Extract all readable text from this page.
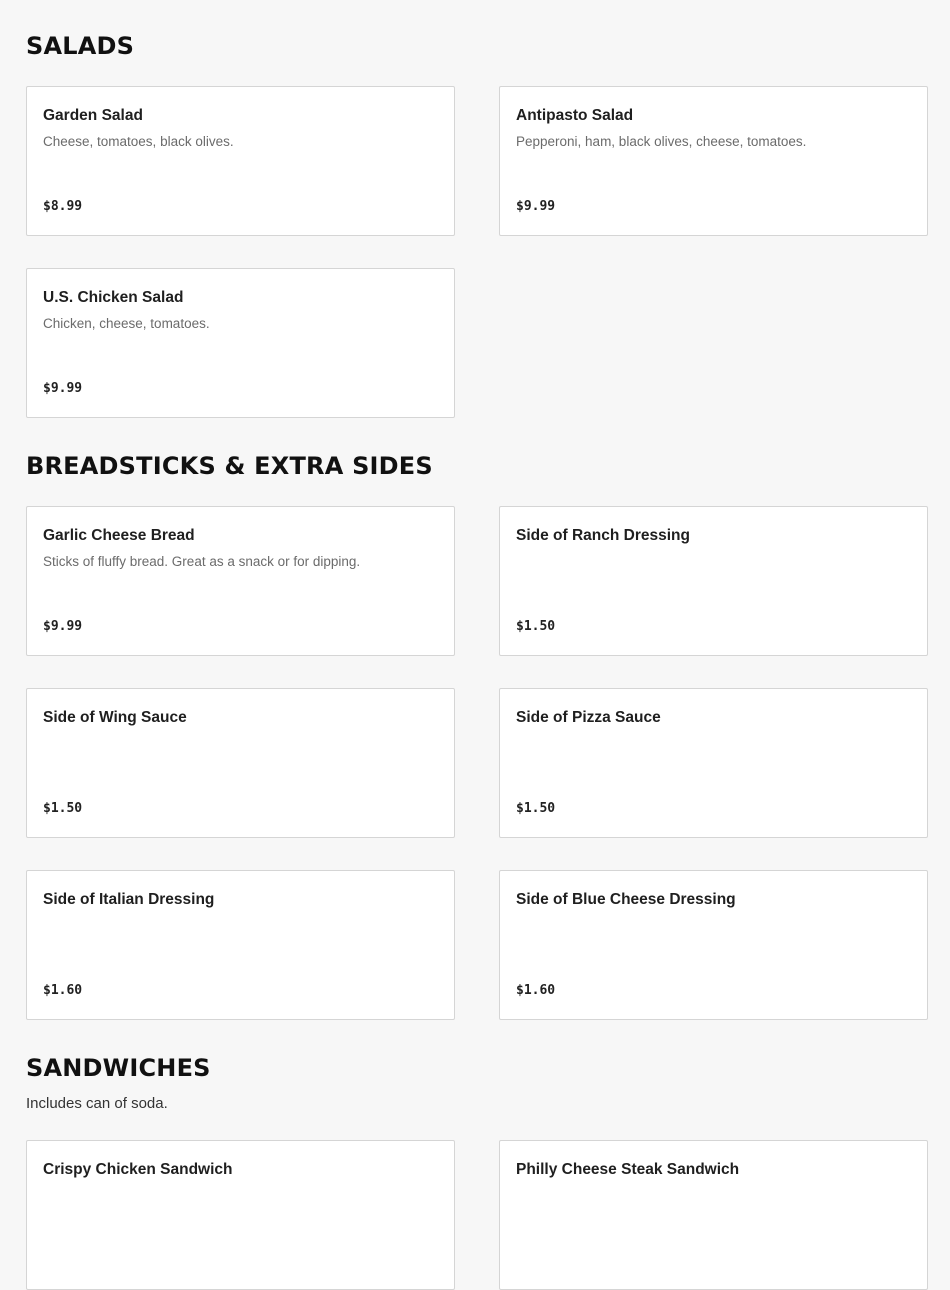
SALADS
Garden Salad
Cheese, tomatoes, black olives.
$8.99
Antipasto Salad
Pepperoni, ham, black olives, cheese, tomatoes.
$9.99
U.S. Chicken Salad
Chicken, cheese, tomatoes.
$9.99
BREADSTICKS & EXTRA SIDES
Garlic Cheese Bread
Sticks of fluffy bread. Great as a snack or for dipping.
$9.99
Side of Ranch Dressing
$1.50
Side of Wing Sauce
$1.50
Side of Pizza Sauce
$1.50
Side of Italian Dressing
$1.60
Side of Blue Cheese Dressing
$1.60
SANDWICHES

Includes can of soda.

Crispy Chicken Sandwich	Philly Cheese Steak Sandwich
